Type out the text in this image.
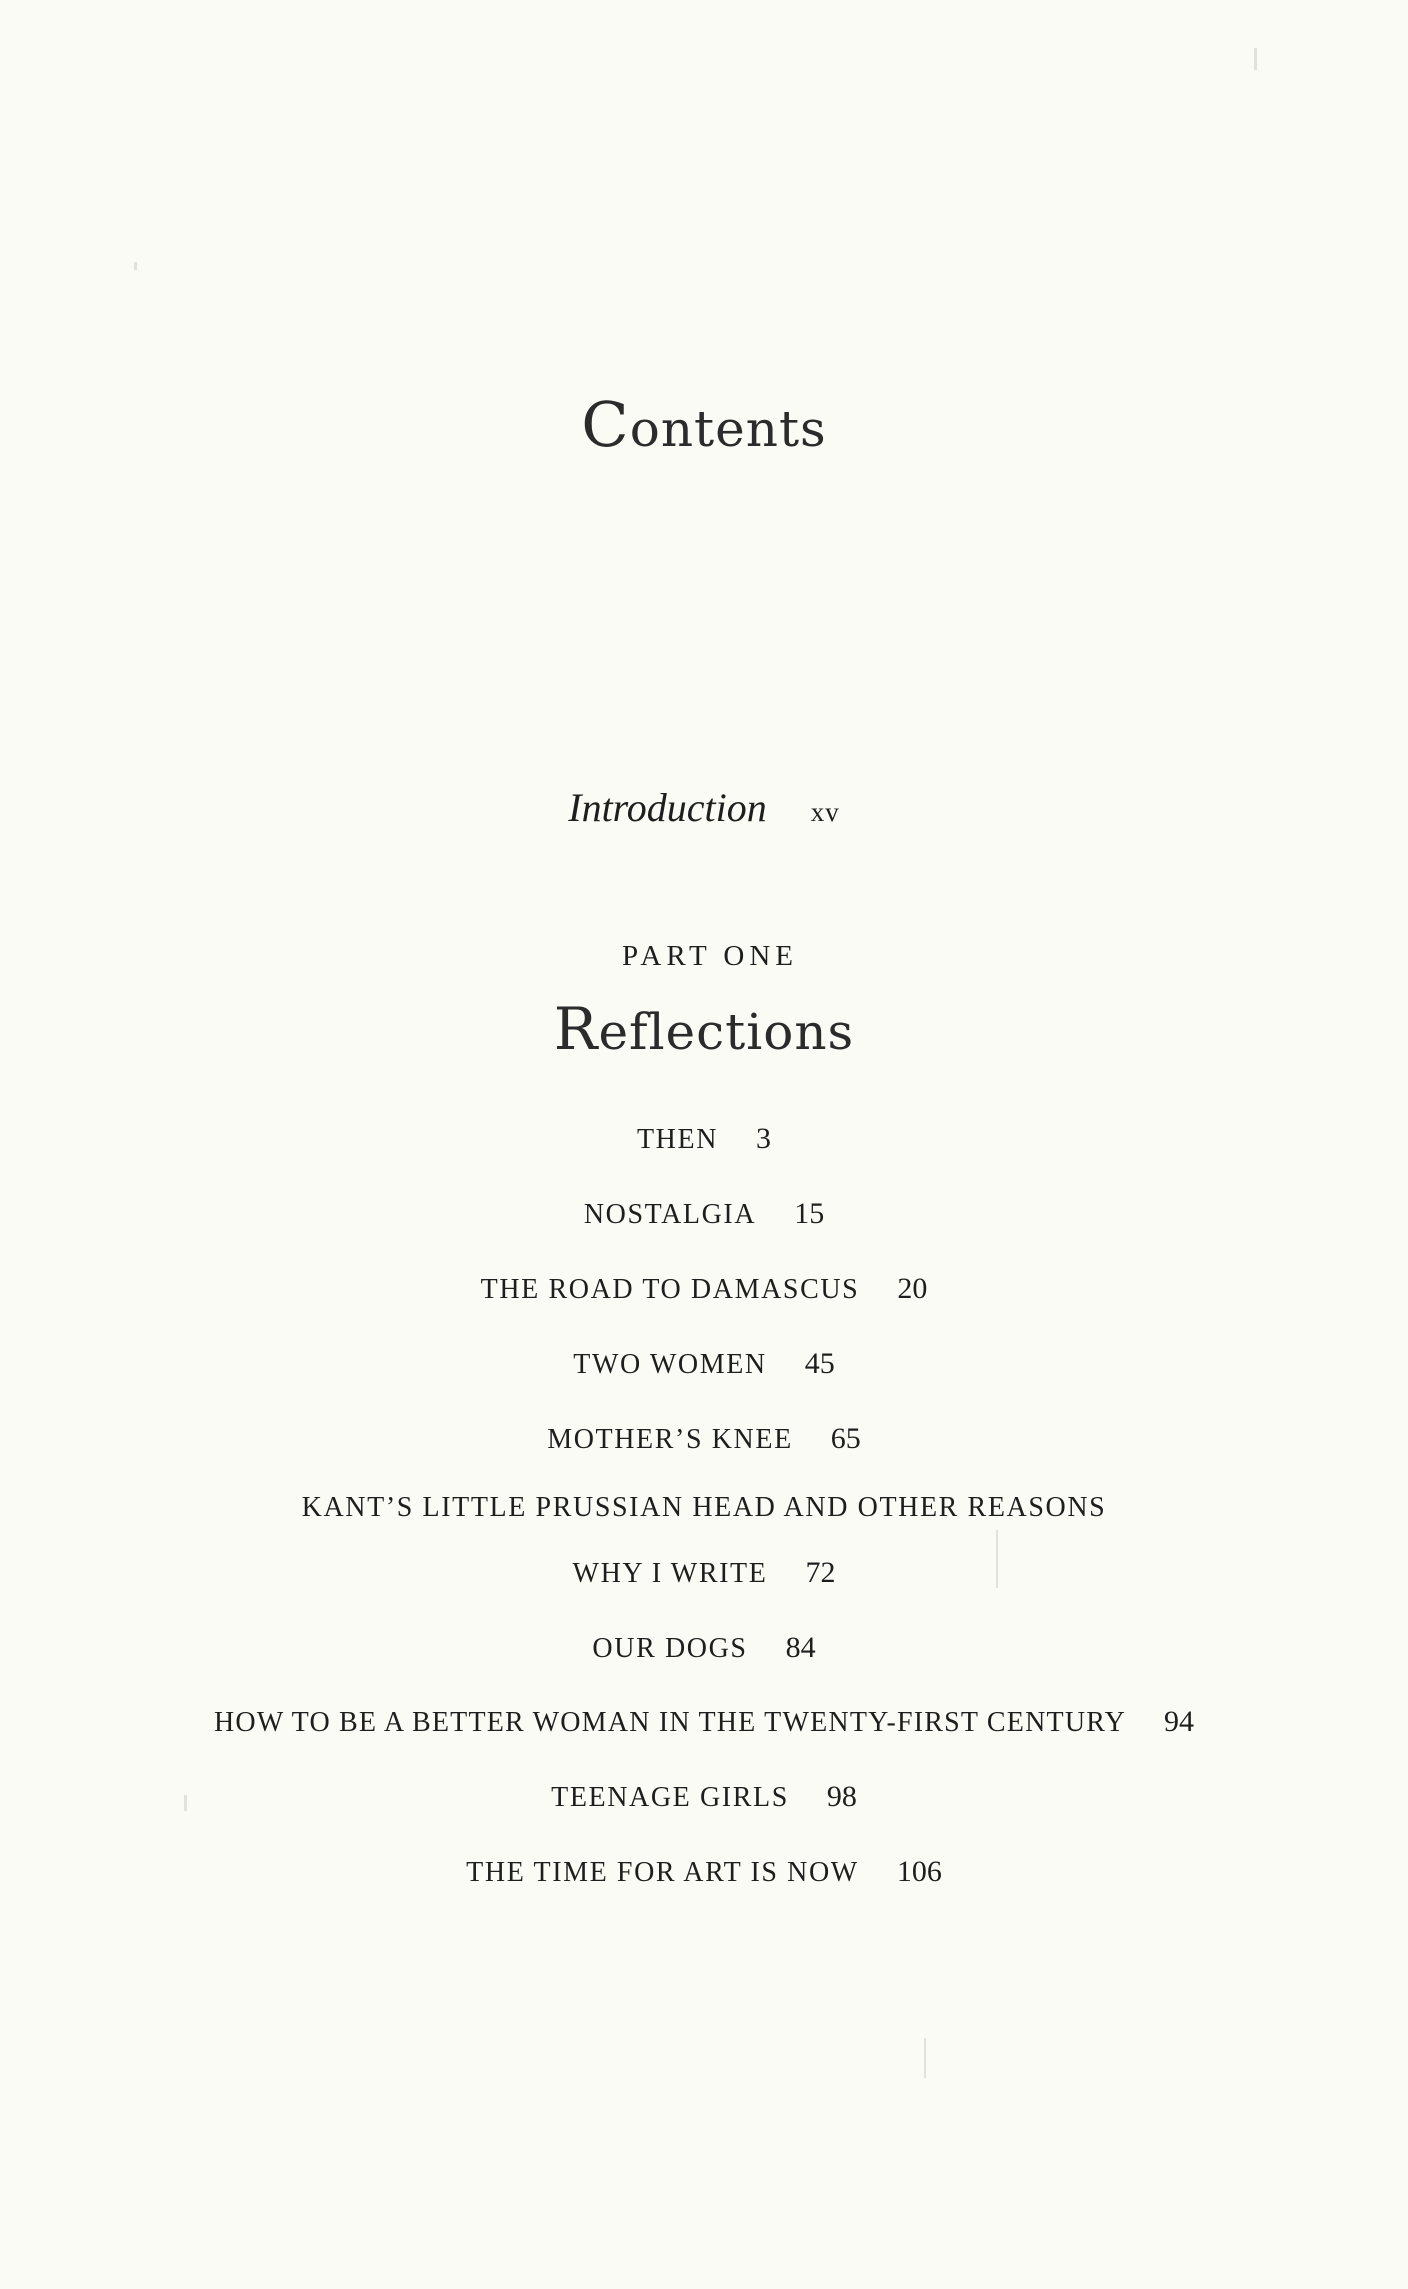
Contents
Introduction xv
PART ONE
Reflections
THEN 3
NOSTALGIA 15
THE ROAD TO DAMASCUS 20
TWO WOMEN 45
MOTHER’S KNEE 65
KANT’S LITTLE PRUSSIAN HEAD AND OTHER REASONS
WHY I WRITE 72
OUR DOGS 84
HOW TO BE A BETTER WOMAN IN THE TWENTY-FIRST CENTURY 94
TEENAGE GIRLS 98
THE TIME FOR ART IS NOW 106
